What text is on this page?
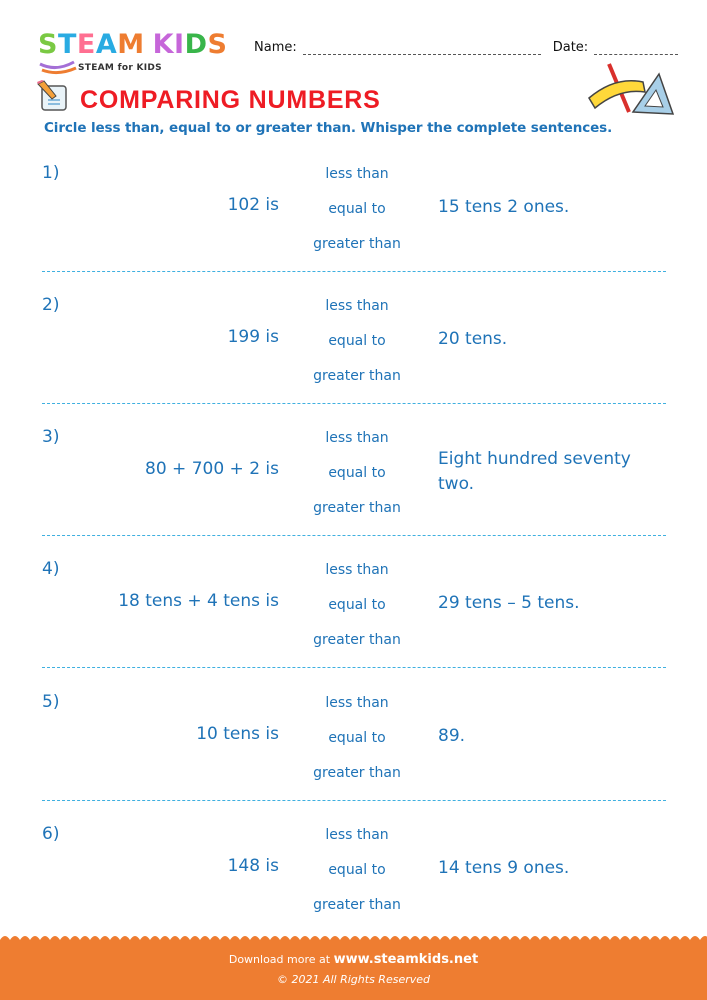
STEAM KIDS
STEAM for KIDS
Name:	Date:
COMPARING NUMBERS
Circle less than, equal to or greater than. Whisper the complete sentences.
1)
102 is
less than
equal to
greater than
15 tens 2 ones.
2)
199 is
less than
equal to
greater than
20 tens.
3)
80 + 700 + 2 is
less than
equal to
greater than
Eight hundred seventy two.
4)
18 tens + 4 tens is
less than
equal to
greater than
29 tens – 5 tens.
5)
10 tens is
less than
equal to
greater than
89.
6)
148 is
less than
equal to
greater than
14 tens 9 ones.
Download more at www.steamkids.net
© 2021 All Rights Reserved
